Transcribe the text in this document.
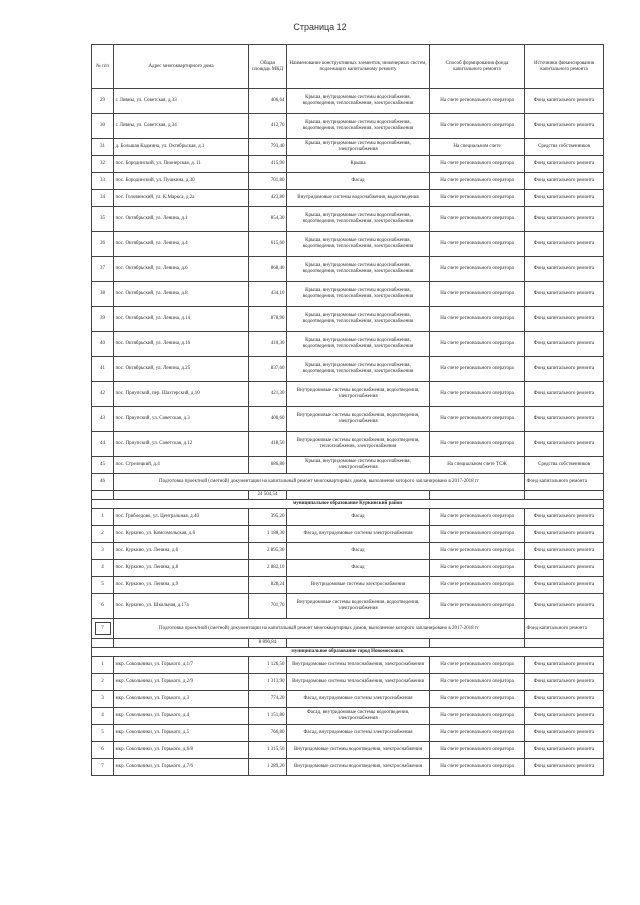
Страница 12
№ п/п	Адрес многоквартирного дома	Общая площадь МКД	Наименование конструктивных элементов, инженерных систем, подлежащих капитальному ремонту	Способ формирования фонда капитального ремонта	Источники финансирования капитального ремонта
29	г. Ливны, ул. Советская, д.33	406,64	Крыша, внутридомовые системы водоснабжения, водоотведения, теплоснабжения, электроснабжения	На счете регионального оператора	Фонд капитального ремонта
30	г. Ливны, ул. Советская, д.34	412,70	Крыша, внутридомовые системы водоснабжения, водоотведения, теплоснабжения, электроснабжения	На счете регионального оператора	Фонд капитального ремонта
31	д. Большая Кадмина, ул. Октябрьская, д.1	793,40	Крыша, внутридомовые системы водоснабжения, электроснабжения	На специальном счете	Средства собственников
32	пос. Бородинский, ул. Пионерская, д. 11	415,90	Крыша	На счете регионального оператора	Фонд капитального ремонта
33	пос. Бородинский, ул. Пушкина, д.30	701,80	Фасад	На счете регионального оператора	Фонд капитального ремонта
34	пос. Головинский, ул. К.Маркса, д.2а	423,80	Внутридомовые системы водоснабжения, водоотведения	На счете регионального оператора	Фонд капитального ремонта
35	пос. Октябрьский, ул. Ленина, д.1	854,30	Крыша, внутридомовые системы водоснабжения, водоотведения, теплоснабжения, электроснабжения	На счете регионального оператора	Фонд капитального ремонта
36	пос. Октябрьский, ул. Ленина, д.4	615,60	Крыша, внутридомовые системы водоснабжения, водоотведения, теплоснабжения, электроснабжения	На счете регионального оператора	Фонд капитального ремонта
37	пос. Октябрьский, ул. Ленина, д.6	868,40	Крыша, внутридомовые системы водоснабжения, водоотведения, теплоснабжения, электроснабжения	На счете регионального оператора	Фонд капитального ремонта
38	пос. Октябрьский, ул. Ленина, д.8	434,10	Крыша, внутридомовые системы водоснабжения, водоотведения, теплоснабжения, электроснабжения	На счете регионального оператора	Фонд капитального ремонта
39	пос. Октябрьский, ул. Ленина, д.14	878,90	Крыша, внутридомовые системы водоснабжения, водоотведения, теплоснабжения, электроснабжения	На счете регионального оператора	Фонд капитального ремонта
40	пос. Октябрьский, ул. Ленина, д.16	410,30	Крыша, внутридомовые системы водоснабжения, водоотведения, теплоснабжения, электроснабжения	На счете регионального оператора	Фонд капитального ремонта
41	пос. Октябрьский, ул. Ленина, д.25	837,60	Крыша, внутридомовые системы водоснабжения, водоотведения, теплоснабжения, электроснабжения	На счете регионального оператора	Фонд капитального ремонта
42	пос. Приупский, пер. Шахтерский, д.10	421,30	Внутридомовые системы водоснабжения, водоотведения, электроснабжения	На счете регионального оператора	Фонд капитального ремонта
43	пос. Приупский, ул. Советская, д.3	400,60	Внутридомовые системы водоснабжения, водоотведения, электроснабжения	На счете регионального оператора	Фонд капитального ремонта
44	пос. Приупский, ул. Советская, д.12	418,50	Внутридомовые системы водоснабжения, водоотведения, теплоснабжения, электроснабжения	На счете регионального оператора	Фонд капитального ремонта
45	пос. Стрелецкий, д.4	686,80	Крыша, внутридомовые системы водоснабжения, электроснабжения	На специальном счете ТСЖ	Средства собственников
46	Подготовка проектной (сметной) документации на капитальный ремонт многоквартирных домов, выполнение которого запланировано в 2017-2018 гг				Фонд капитального ремонта
		24 504,54			
муниципальное образование Куркинский район					
1	пос. Грибоедово, ул. Центральная, д.40	395,20	Фасад	На счете регионального оператора	Фонд капитального ремонта
2	пос. Куркино, ул. Комсомольская, д.6	1 188,30	Фасад, внутридомовые системы электроснабжения	На счете регионального оператора	Фонд капитального ремонта
3	пос. Куркино, ул. Ленина, д.6	2 895,30	Фасад	На счете регионального оператора	Фонд капитального ремонта
4	пос. Куркино, ул. Ленина, д.8	2 882,10	Фасад	На счете регионального оператора	Фонд капитального ремонта
5	пос. Куркино, ул. Ленина, д.9	828,24	Внутридомовые системы электроснабжения	На счете регионального оператора	Фонд капитального ремонта
6	пос. Куркино, ул. Школьная, д.17а	701,70	Внутридомовые системы водоснабжения, водоотведения, электроснабжения	На счете регионального оператора	Фонд капитального ремонта
7	Подготовка проектной (сметной) документации на капитальный ремонт многоквартирных домов, выполнение которого запланировано в 2017-2018 гг				Фонд капитального ремонта
		8 890,84			
муниципальное образование город Новомосковск					
1	мкр. Сокольники, ул. Горького, д.1/7	1 126,50	Внутридомовые системы теплоснабжения, электроснабжения	На счете регионального оператора	Фонд капитального ремонта
2	мкр. Сокольники, ул. Горького, д.2/9	1 313,90	Внутридомовые системы теплоснабжения, электроснабжения	На счете регионального оператора	Фонд капитального ремонта
3	мкр. Сокольники, ул. Горького, д.3	774,20	Фасад, внутридомовые системы электроснабжения	На счете регионального оператора	Фонд капитального ремонта
4	мкр. Сокольники, ул. Горького, д.4	1 151,80	Фасад, внутридомовые системы водоотведения, электроснабжения	На счете регионального оператора	Фонд капитального ремонта
5	мкр. Сокольники, ул. Горького, д.5	766,80	Фасад, внутридомовые системы электроснабжения	На счете регионального оператора	Фонд капитального ремонта
6	мкр. Сокольники, ул. Горького, д.6/8	1 315,50	Внутридомовые системы водоотведения, электроснабжения	На счете регионального оператора	Фонд капитального ремонта
7	мкр. Сокольники, ул. Горького, д.7/6	1 289,20	Внутридомовые системы водоотведения, электроснабжения	На счете регионального оператора	Фонд капитального ремонта
